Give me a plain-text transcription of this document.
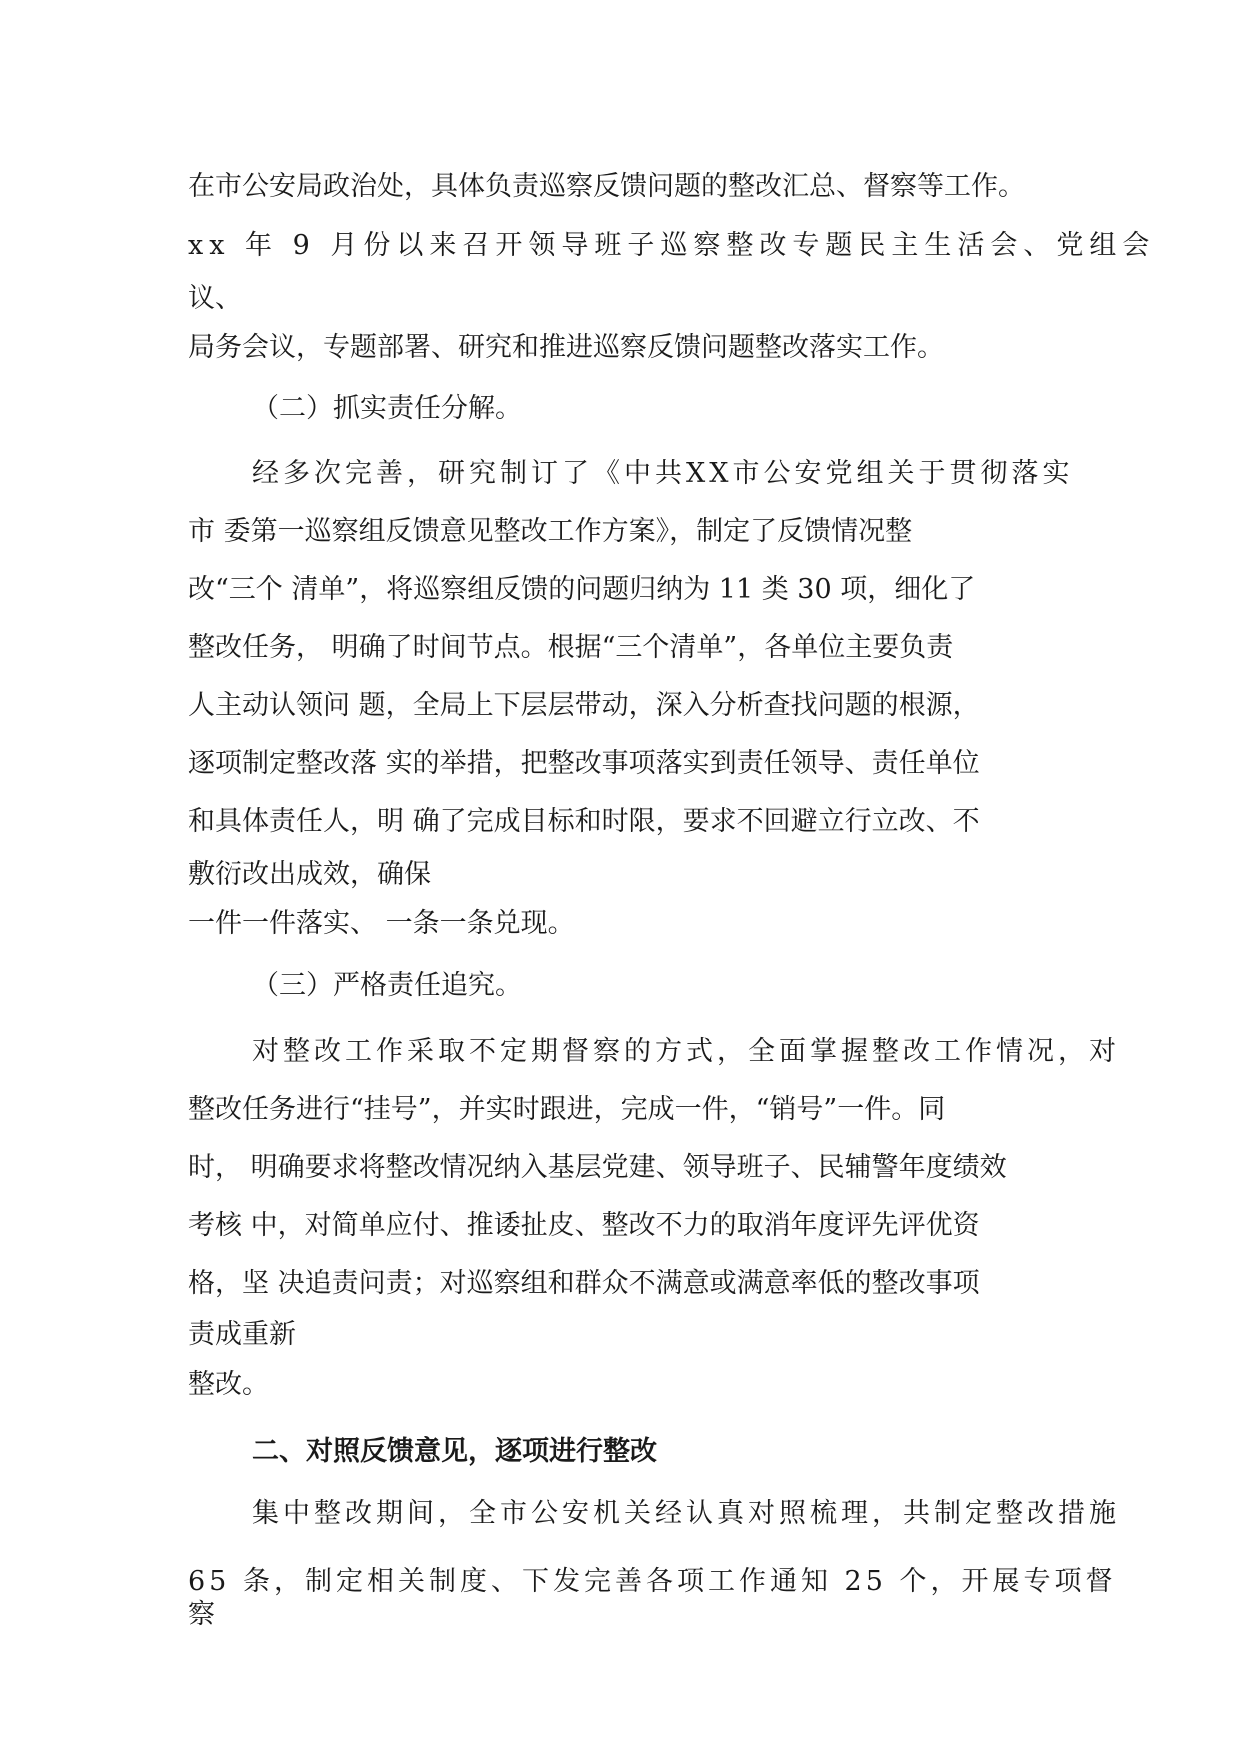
在市公安局政治处，具体负责巡察反馈问题的整改汇总、督察等工作。
xx 年 9 月份以来召开领导班子巡察整改专题民主生活会、党组会
议、
局务会议，专题部署、研究和推进巡察反馈问题整改落实工作。
（二）抓实责任分解。
经多次完善，研究制订了《中共XX市公安党组关于贯彻落实
市 委第一巡察组反馈意见整改工作方案》，制定了反馈情况整
改“三个 清单”，将巡察组反馈的问题归纳为 11 类 30 项，细化了
整改任务， 明确了时间节点。根据“三个清单”，各单位主要负责
人主动认领问 题，全局上下层层带动，深入分析查找问题的根源，
逐项制定整改落 实的举措，把整改事项落实到责任领导、责任单位
和具体责任人，明 确了完成目标和时限，要求不回避立行立改、不
敷衍改出成效，确保
一件一件落实、 一条一条兑现。
（三）严格责任追究。
对整改工作采取不定期督察的方式，全面掌握整改工作情况，对
整改任务进行“挂号”，并实时跟进，完成一件，“销号”一件。同
时， 明确要求将整改情况纳入基层党建、领导班子、民辅警年度绩效
考核 中，对简单应付、推诿扯皮、整改不力的取消年度评先评优资
格，坚 决追责问责；对巡察组和群众不满意或满意率低的整改事项
责成重新
整改。
二、对照反馈意见，逐项进行整改
集中整改期间，全市公安机关经认真对照梳理，共制定整改措施
65 条，制定相关制度、下发完善各项工作通知 25 个，开展专项督
察
